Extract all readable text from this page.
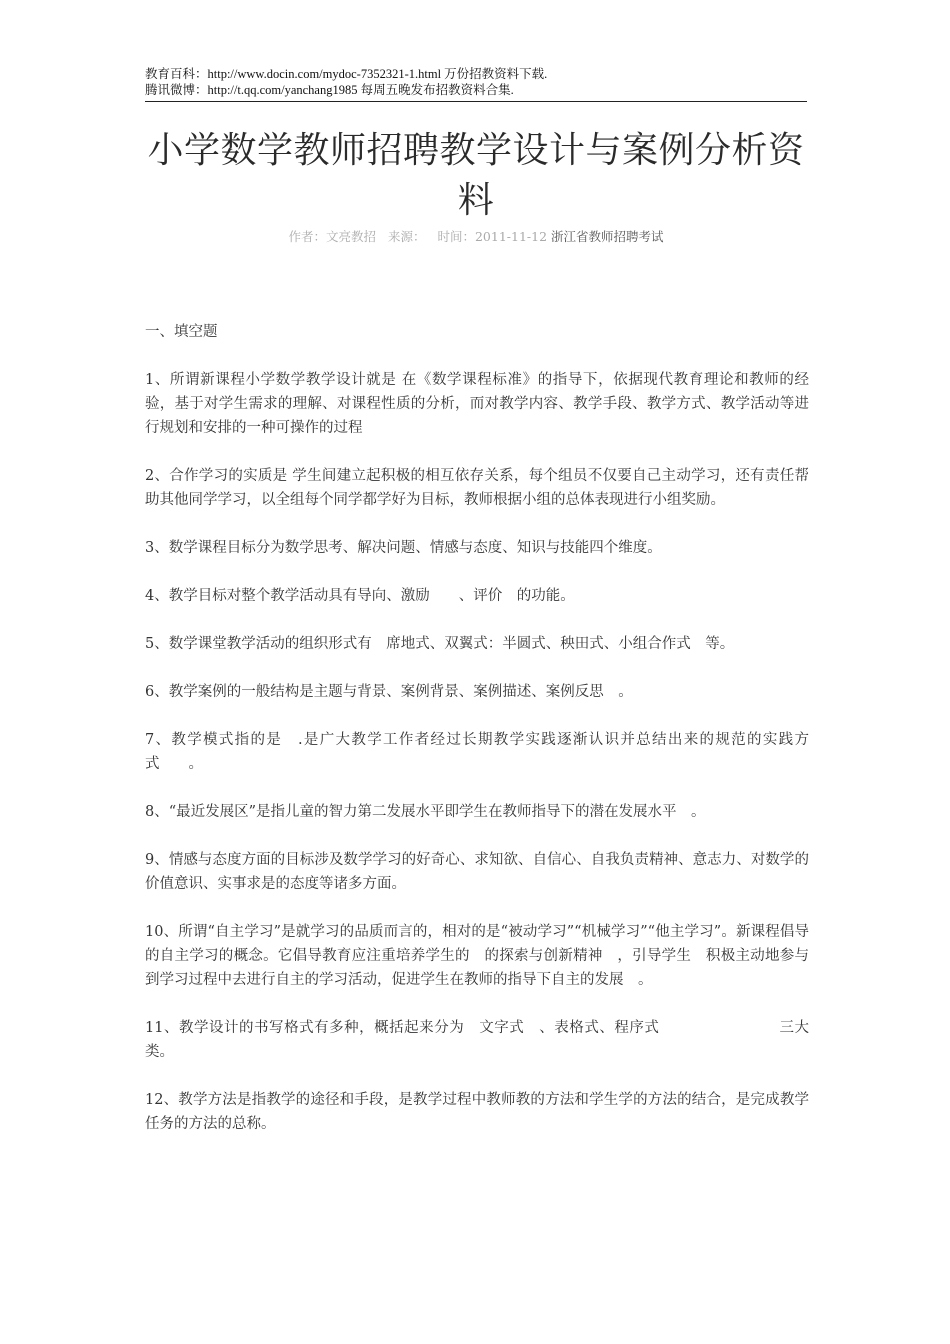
教育百科：http://www.docin.com/mydoc-7352321-1.html 万份招教资料下载.
腾讯微博：http://t.qq.com/yanchang1985 每周五晚发布招教资料合集.
小学数学教师招聘教学设计与案例分析资料
作者：文亮教招 来源： 时间：2011-11-12 浙江省教师招聘考试

一、填空题

1、所谓新课程小学数学教学设计就是 在《数学课程标准》的指导下，依据现代教育理论和教师的经验，基于对学生需求的理解、对课程性质的分析，而对教学内容、教学手段、教学方式、教学活动等进行规划和安排的一种可操作的过程

2、合作学习的实质是 学生间建立起积极的相互依存关系，每个组员不仅要自己主动学习，还有责任帮助其他同学学习，以全组每个同学都学好为目标，教师根据小组的总体表现进行小组奖励。

3、数学课程目标分为数学思考、解决问题、情感与态度、知识与技能四个维度。

4、教学目标对整个教学活动具有导向、激励　　、评价　的功能。

5、数学课堂教学活动的组织形式有　席地式、双翼式：半圆式、秧田式、小组合作式　等。

6、教学案例的一般结构是主题与背景、案例背景、案例描述、案例反思　。

7、教学模式指的是　.是广大教学工作者经过长期教学实践逐渐认识并总结出来的规范的实践方式　　。

8、“最近发展区”是指儿童的智力第二发展水平即学生在教师指导下的潜在发展水平　。

9、情感与态度方面的目标涉及数学学习的好奇心、求知欲、自信心、自我负责精神、意志力、对数学的价值意识、实事求是的态度等诸多方面。

10、所谓“自主学习”是就学习的品质而言的，相对的是“被动学习”“机械学习”“他主学习”。新课程倡导的自主学习的概念。它倡导教育应注重培养学生的　的探索与创新精神　，引导学生　积极主动地参与到学习过程中去进行自主的学习活动，促进学生在教师的指导下自主的发展　。

11、教学设计的书写格式有多种，概括起来分为　文字式　、表格式、程序式　　　　　　　　三大类。

12、教学方法是指教学的途径和手段，是教学过程中教师教的方法和学生学的方法的结合，是完成教学任务的方法的总称。
